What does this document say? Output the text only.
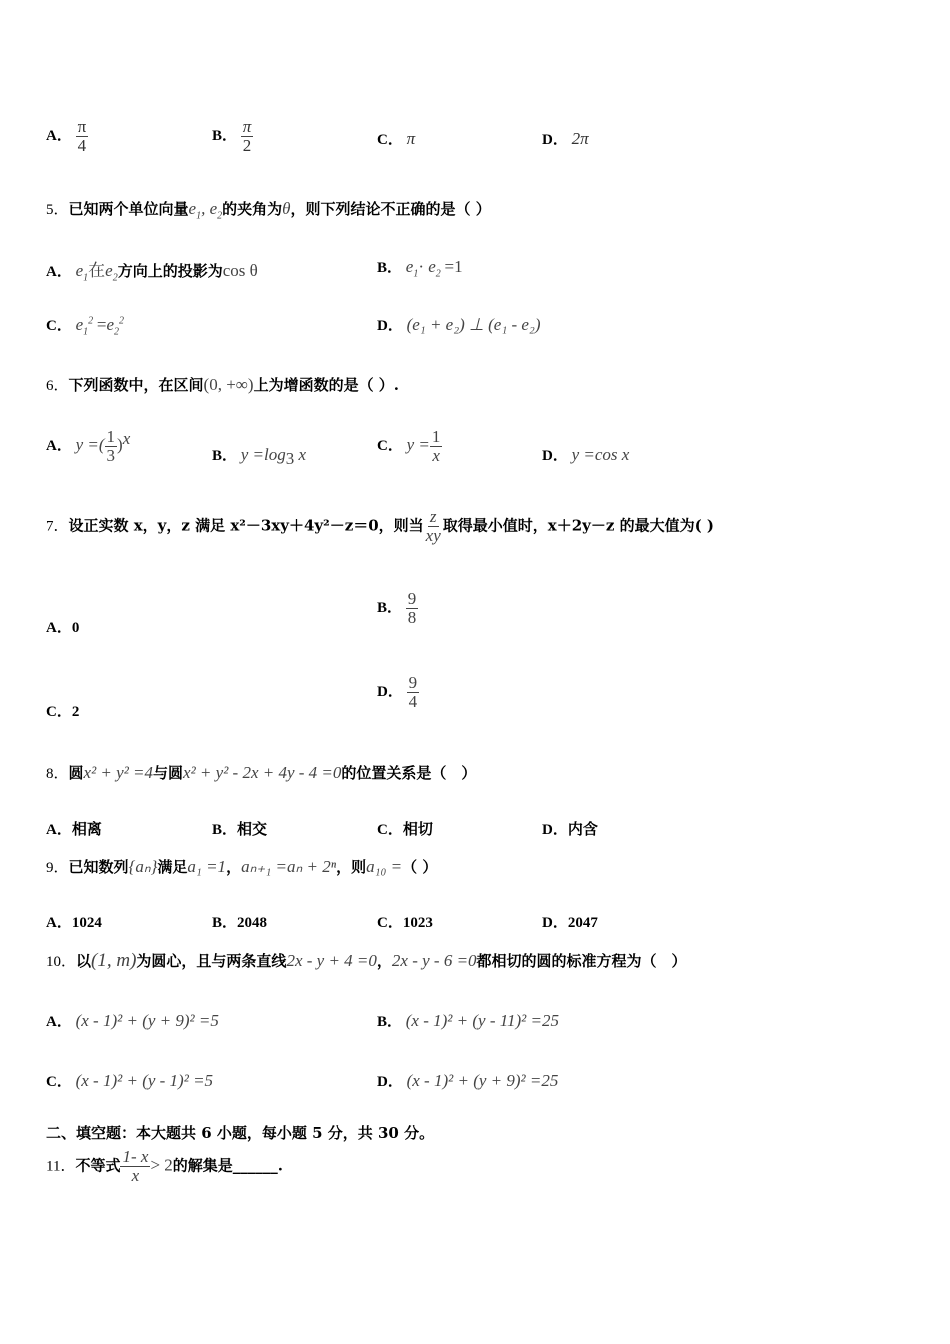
A． $\frac{\pi}{4}$	B． $\frac{\pi}{2}$	C． π	D． 2π
5．已知两个单位向量$e_1$, $e_2$的夹角为θ，则下列结论不正确的是（ ）
A． $e_1$在$e_2$方向上的投影为cos θ	B． $e_1\cdot e_2 =1$
C． $e_1^2 =e_2^2$	D． (e₁ + e₂) ⊥ (e₁ - e₂)
6．下列函数中，在区间(0, +∞)上为增函数的是（ ）.
A． y =( $\frac{1}{3} )^x$
B． $y =\log_3$ x	C． $y = \frac{1}{x}$	D． y =cos x
7．设正实数 x，y，z 满足 x²－3xy＋4y²－z＝0，则当 $\frac{z}{xy}$ 取得最小值时，x＋2y－z 的最大值为( )
A．0
B． $\frac{9}{8}$
C．2
D． $\frac{9}{4}$
8．圆x² + y² =4与圆x² + y² - 2x + 4y - 4 =0的位置关系是（　）
A．相离	B．相交	C．相切	D．内含
9．已知数列{aₙ}满足a₁ =1，aₙ₊₁ =aₙ + 2ⁿ，则a₁₀ =（ ）
A．1024	B．2048	C．1023	D．2047
10．以(1, m)为圆心，且与两条直线2x - y + 4 =0，2x - y - 6 =0都相切的圆的标准方程为（　）
A． (x - 1)² + (y + 9)² =5	B． (x - 1)² + (y - 11)² =25
C． (x - 1)² + (y - 1)² =5	D． (x - 1)² + (y + 9)² =25
二、填空题：本大题共 6 小题，每小题 5 分，共 30 分。
11．不等式 $\frac{1- x}{x} > 2$的解集是______.
